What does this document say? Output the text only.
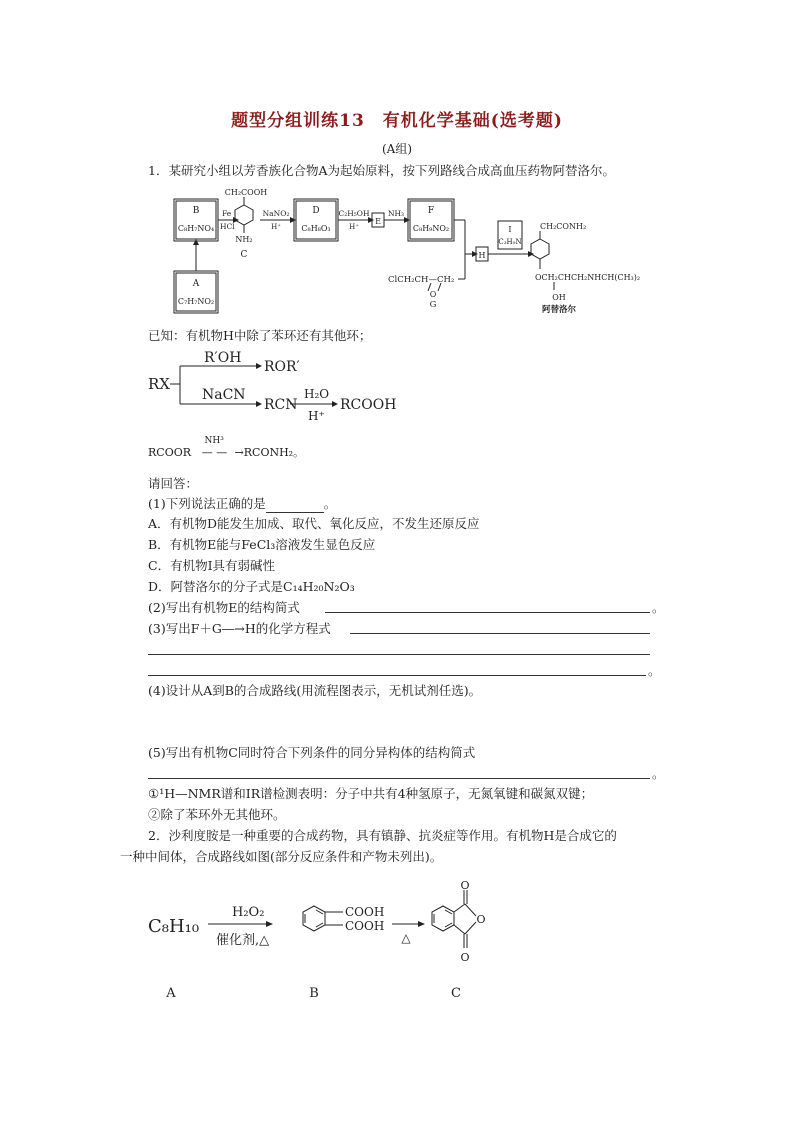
题型分组训练13　有机化学基础(选考题)
(A组)
1．某研究小组以芳香族化合物A为起始原料，按下列路线合成高血压药物阿替洛尔。
B
C₈H₇NO₄
A
C₇H₇NO₂
Fe
HCl
CH₂COOH
NH₂
C
NaNO₂
H⁺
D
C₈H₈O₃
C₂H₅OH
H⁺
E
NH₃	F
C₈H₉NO₂
ClCH₂CH—CH₂
O
G
H
I
C₃H₉N
CH₂CONH₂
OCH₂CHCH₂NHCH(CH₃)₂
OH
阿替洛尔
已知：有机物H中除了苯环还有其他环；
RX
R′OH
ROR′
NaCN
RCN
H₂O
H⁺
RCOOH
RCOOR
NH³
— —→RCONH₂。
请回答：
(1)下列说法正确的是	。
A．有机物D能发生加成、取代、氧化反应，不发生还原反应
B．有机物E能与FeCl₃溶液发生显色反应
C．有机物I具有弱碱性
D．阿替洛尔的分子式是C₁₄H₂₀N₂O₃
(2)写出有机物E的结构简式	。
(3)写出F＋G―→H的化学方程式
。
(4)设计从A到B的合成路线(用流程图表示，无机试剂任选)。
(5)写出有机物C同时符合下列条件的同分异构体的结构简式
。
①¹H—NMR谱和IR谱检测表明：分子中共有4种氢原子，无氮氧键和碳氮双键；
②除了苯环外无其他环。
2．沙利度胺是一种重要的合成药物，具有镇静、抗炎症等作用。有机物H是合成它的
一种中间体，合成路线如图(部分反应条件和产物未列出)。
C₈H₁₀
H₂O₂
催化剂,△
COOH
COOH
△
O
O
O
A	B	C
